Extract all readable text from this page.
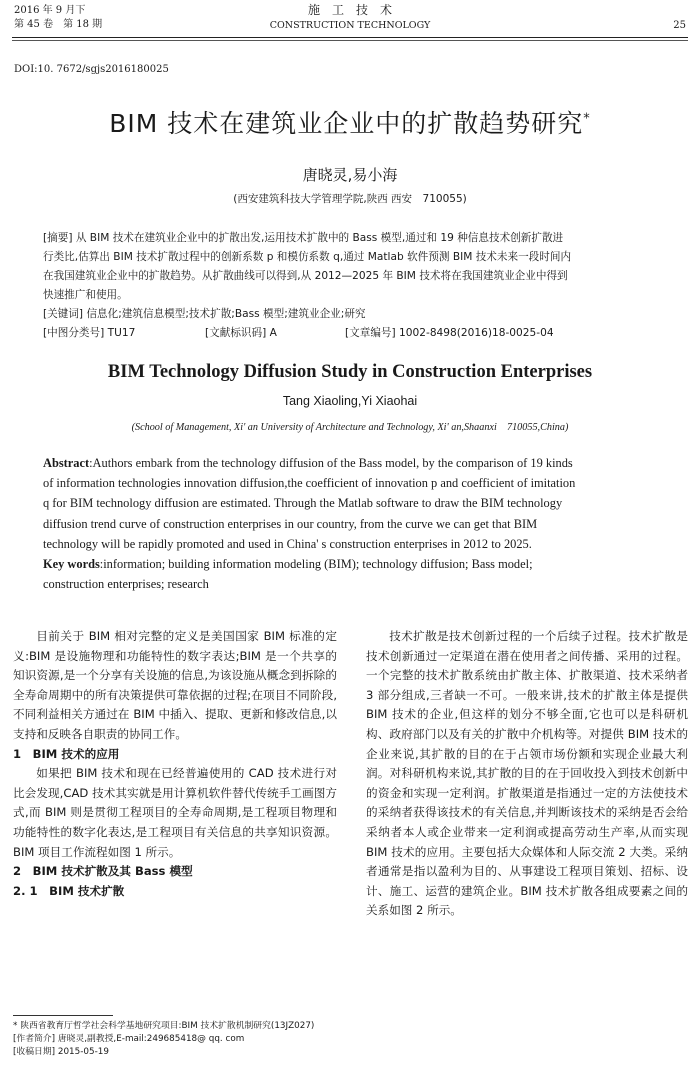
2016 年 9 月下
第 45 卷　第 18 期
施　工　技　术
CONSTRUCTION TECHNOLOGY	25
DOI:10. 7672/sgjs2016180025
BIM 技术在建筑业企业中的扩散趋势研究*
唐晓灵,易小海
(西安建筑科技大学管理学院,陕西 西安　710055)
[摘要] 从 BIM 技术在建筑业企业中的扩散出发,运用技术扩散中的 Bass 模型,通过和 19 种信息技术创新扩散进
行类比,估算出 BIM 技术扩散过程中的创新系数 p 和模仿系数 q,通过 Matlab 软件预测 BIM 技术未来一段时间内
在我国建筑业企业中的扩散趋势。从扩散曲线可以得到,从 2012—2025 年 BIM 技术将在我国建筑业企业中得到
快速推广和使用。
[关键词] 信息化;建筑信息模型;技术扩散;Bass 模型;建筑业企业;研究
[中图分类号] TU17	[文献标识码] A	[文章编号] 1002-8498(2016)18-0025-04
BIM Technology Diffusion Study in Construction Enterprises
Tang Xiaoling,Yi Xiaohai
(School of Management, Xi' an University of Architecture and Technology, Xi' an,Shaanxi　710055,China)
Abstract:Authors embark from the technology diffusion of the Bass model, by the comparison of 19 kinds
of information technologies innovation diffusion,the coefficient of innovation p and coefficient of imitation
q for BIM technology diffusion are estimated. Through the Matlab software to draw the BIM technology
diffusion trend curve of construction enterprises in our country, from the curve we can get that BIM
technology will be rapidly promoted and used in China' s construction enterprises in 2012 to 2025.
Key words:information; building information modeling (BIM); technology diffusion; Bass model;
construction enterprises; research

目前关于 BIM 相对完整的定义是美国国家 BIM 标准的定义:BIM 是设施物理和功能特性的数字表达;BIM 是一个共享的知识资源,是一个分享有关设施的信息,为该设施从概念到拆除的全寿命周期中的所有决策提供可靠依据的过程;在项目不同阶段,不同利益相关方通过在 BIM 中插入、提取、更新和修改信息,以支持和反映各自职责的协同工作。

1　BIM 技术的应用

如果把 BIM 技术和现在已经普遍使用的 CAD 技术进行对比会发现,CAD 技术其实就是用计算机软件替代传统手工画图方式,而 BIM 则是贯彻工程项目的全寿命周期,是工程项目物理和功能特性的数字化表达,是工程项目有关信息的共享知识资源。BIM 项目工作流程如图 1 所示。

2　BIM 技术扩散及其 Bass 模型

2. 1　BIM 技术扩散

* 陕西省教育厅哲学社会科学基地研究项目:BIM 技术扩散机制研究(13JZ027)
[作者简介] 唐晓灵,副教授,E-mail:249685418@ qq. com
[收稿日期] 2015-05-19

技术扩散是技术创新过程的一个后续子过程。技术扩散是技术创新通过一定渠道在潜在使用者之间传播、采用的过程。一个完整的技术扩散系统由扩散主体、扩散渠道、技术采纳者 3 部分组成,三者缺一不可。一般来讲,技术的扩散主体是提供 BIM 技术的企业,但这样的划分不够全面,它也可以是科研机构、政府部门以及有关的扩散中介机构等。对提供 BIM 技术的企业来说,其扩散的目的在于占领市场份额和实现企业最大利润。对科研机构来说,其扩散的目的在于回收投入到技术创新中的资金和实现一定利润。扩散渠道是指通过一定的方法使技术的采纳者获得该技术的有关信息,并判断该技术的采纳是否会给采纳者本人或企业带来一定利润或提高劳动生产率,从而实现 BIM 技术的应用。主要包括大众媒体和人际交流 2 大类。采纳者通常是指以盈利为目的、从事建设工程项目策划、招标、设计、施工、运营的建筑企业。BIM 技术扩散各组成要素之间的关系如图 2 所示。
